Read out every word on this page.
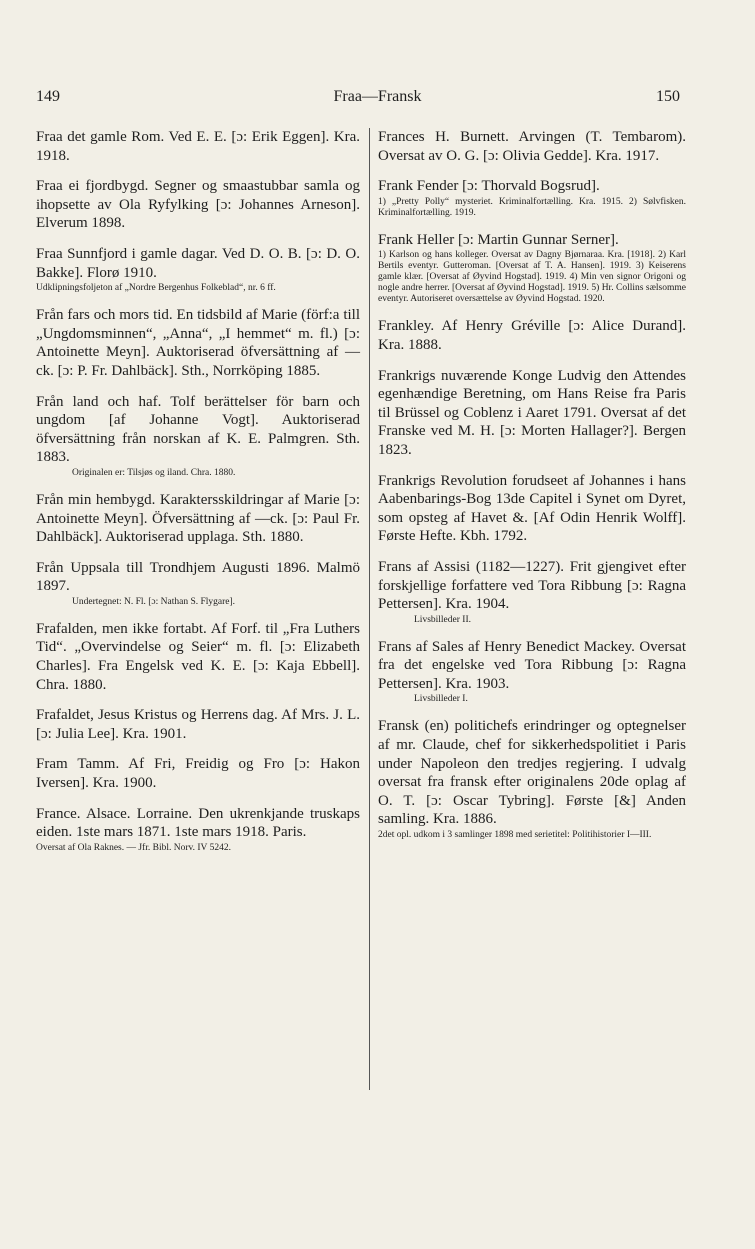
149	Fraa—Fransk	150
Fraa det gamle Rom. Ved E. E. [ɔ: Erik Eggen]. Kra. 1918.
Fraa ei fjordbygd. Segner og smaastubbar samla og ihopsette av Ola Ryfylking [ɔ: Johannes Arneson]. Elverum 1898.
Fraa Sunnfjord i gamle dagar. Ved D. O. B. [ɔ: D. O. Bakke]. Florø 1910.
Udklipningsfoljeton af „Nordre Bergenhus Folkeblad“, nr. 6 ff.
Från fars och mors tid. En tidsbild af Marie (förf:a till „Ungdomsminnen“, „Anna“, „I hemmet“ m. fl.) [ɔ: Antoinette Meyn]. Auktoriserad öfversättning af —ck. [ɔ: P. Fr. Dahlbäck]. Sth., Norrköping 1885.
Från land och haf. Tolf berättelser för barn och ungdom [af Johanne Vogt]. Auktoriserad öfversättning från norskan af K. E. Palmgren. Sth. 1883.
Originalen er: Tilsjøs og iland. Chra. 1880.
Från min hembygd. Karaktersskildringar af Marie [ɔ: Antoinette Meyn]. Öfversättning af —ck. [ɔ: Paul Fr. Dahlbäck]. Auktoriserad upplaga. Sth. 1880.
Från Uppsala till Trondhjem Augusti 1896. Malmö 1897.
Undertegnet: N. Fl. [ɔ: Nathan S. Flygare].
Frafalden, men ikke fortabt. Af Forf. til „Fra Luthers Tid“. „Overvindelse og Seier“ m. fl. [ɔ: Elizabeth Charles]. Fra Engelsk ved K. E. [ɔ: Kaja Ebbell]. Chra. 1880.
Frafaldet, Jesus Kristus og Herrens dag. Af Mrs. J. L. [ɔ: Julia Lee]. Kra. 1901.
Fram Tamm. Af Fri, Freidig og Fro [ɔ: Hakon Iversen]. Kra. 1900.
France. Alsace. Lorraine. Den ukrenkjande truskaps eiden. 1ste mars 1871. 1ste mars 1918. Paris.
Oversat af Ola Raknes. — Jfr. Bibl. Norv. IV 5242.
Frances H. Burnett. Arvingen (T. Tembarom). Oversat av O. G. [ɔ: Olivia Gedde]. Kra. 1917.
Frank Fender [ɔ: Thorvald Bogsrud].
1) „Pretty Polly“ mysteriet. Kriminalfortælling. Kra. 1915. 2) Sølvfisken. Kriminalfortælling. 1919.
Frank Heller [ɔ: Martin Gunnar Serner].
1) Karlson og hans kolleger. Oversat av Dagny Bjørnaraa. Kra. [1918]. 2) Karl Bertils eventyr. Gutteroman. [Oversat af T. A. Hansen]. 1919. 3) Keiserens gamle klær. [Oversat af Øyvind Hogstad]. 1919. 4) Min ven signor Origoni og nogle andre herrer. [Oversat af Øyvind Hogstad]. 1919. 5) Hr. Collins sælsomme eventyr. Autoriseret oversættelse av Øyvind Hogstad. 1920.
Frankley. Af Henry Gréville [ɔ: Alice Durand]. Kra. 1888.
Frankrigs nuværende Konge Ludvig den Attendes egenhændige Beretning, om Hans Reise fra Paris til Brüssel og Coblenz i Aaret 1791. Oversat af det Franske ved M. H. [ɔ: Morten Hallager?]. Bergen 1823.
Frankrigs Revolution forudseet af Johannes i hans Aabenbarings-Bog 13de Capitel i Synet om Dyret, som opsteg af Havet &. [Af Odin Henrik Wolff]. Første Hefte. Kbh. 1792.
Frans af Assisi (1182—1227). Frit gjengivet efter forskjellige forfattere ved Tora Ribbung [ɔ: Ragna Pettersen]. Kra. 1904.
Livsbilleder II.
Frans af Sales af Henry Benedict Mackey. Oversat fra det engelske ved Tora Ribbung [ɔ: Ragna Pettersen]. Kra. 1903.
Livsbilleder I.
Fransk (en) politichefs erindringer og optegnelser af mr. Claude, chef for sikkerhedspolitiet i Paris under Napoleon den tredjes regjering. I udvalg oversat fra fransk efter originalens 20de oplag af O. T. [ɔ: Oscar Tybring]. Første [&] Anden samling. Kra. 1886.
2det opl. udkom i 3 samlinger 1898 med serietitel: Politihistorier I—III.
